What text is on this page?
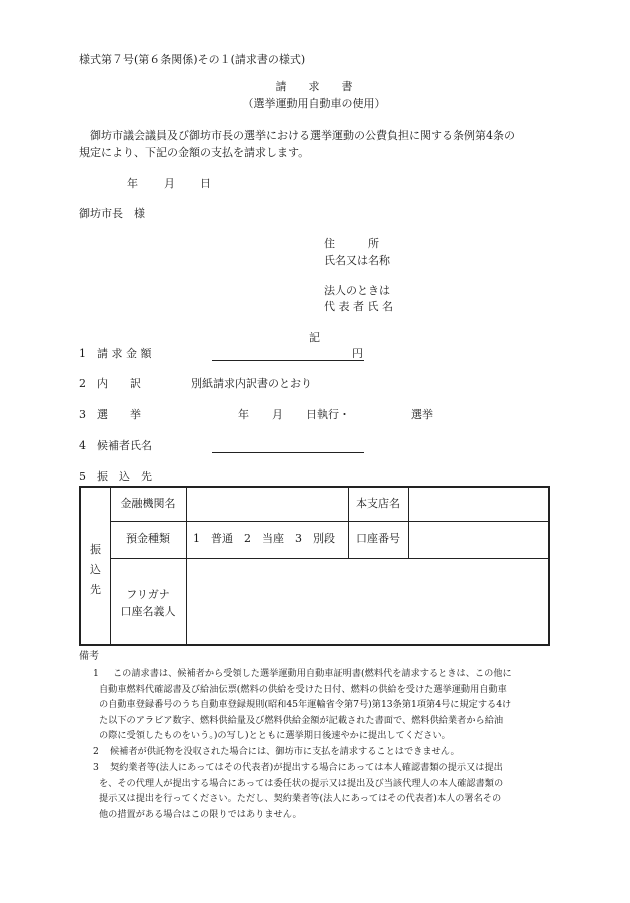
様式第７号(第６条関係)その１(請求書の様式)
請　　求　　書
（選挙運動用自動車の使用）
御坊市議会議員及び御坊市長の選挙における選挙運動の公費負担に関する条例第4条の
規定により、下記の金額の支払を請求します。
年 月 日
御坊市長　様
住　　　所
氏名又は名称
法人のときは
代 表 者 氏 名
記
1 請 求 金 額	円
2 内　　訳	別紙請求内訳書のとおり
3 選　　挙	年 月 日執行・	選挙
4 候補者氏名
5 振　込　先
振
込
先
金融機関名	本支店名
預金種類	1　普通　2　当座　3　別段	口座番号
フリガナ
口座名義人
備考
1 この請求書は、候補者から受領した選挙運動用自動車証明書(燃料代を請求するときは、この他に
自動車燃料代確認書及び給油伝票(燃料の供給を受けた日付、燃料の供給を受けた選挙運動用自動車
の自動車登録番号のうち自動車登録規則(昭和45年運輸省令第7号)第13条第1項第4号に規定する4け
た以下のアラビア数字、燃料供給量及び燃料供給金額が記載された書面で、燃料供給業者から給油
の際に受領したものをいう。)の写し)とともに選挙期日後速やかに提出してください。
2 候補者が供託物を没収された場合には、御坊市に支払を請求することはできません。
3 契約業者等(法人にあってはその代表者)が提出する場合にあっては本人確認書類の提示又は提出
を、その代理人が提出する場合にあっては委任状の提示又は提出及び当該代理人の本人確認書類の
提示又は提出を行ってください。ただし、契約業者等(法人にあってはその代表者)本人の署名その
他の措置がある場合はこの限りではありません。
